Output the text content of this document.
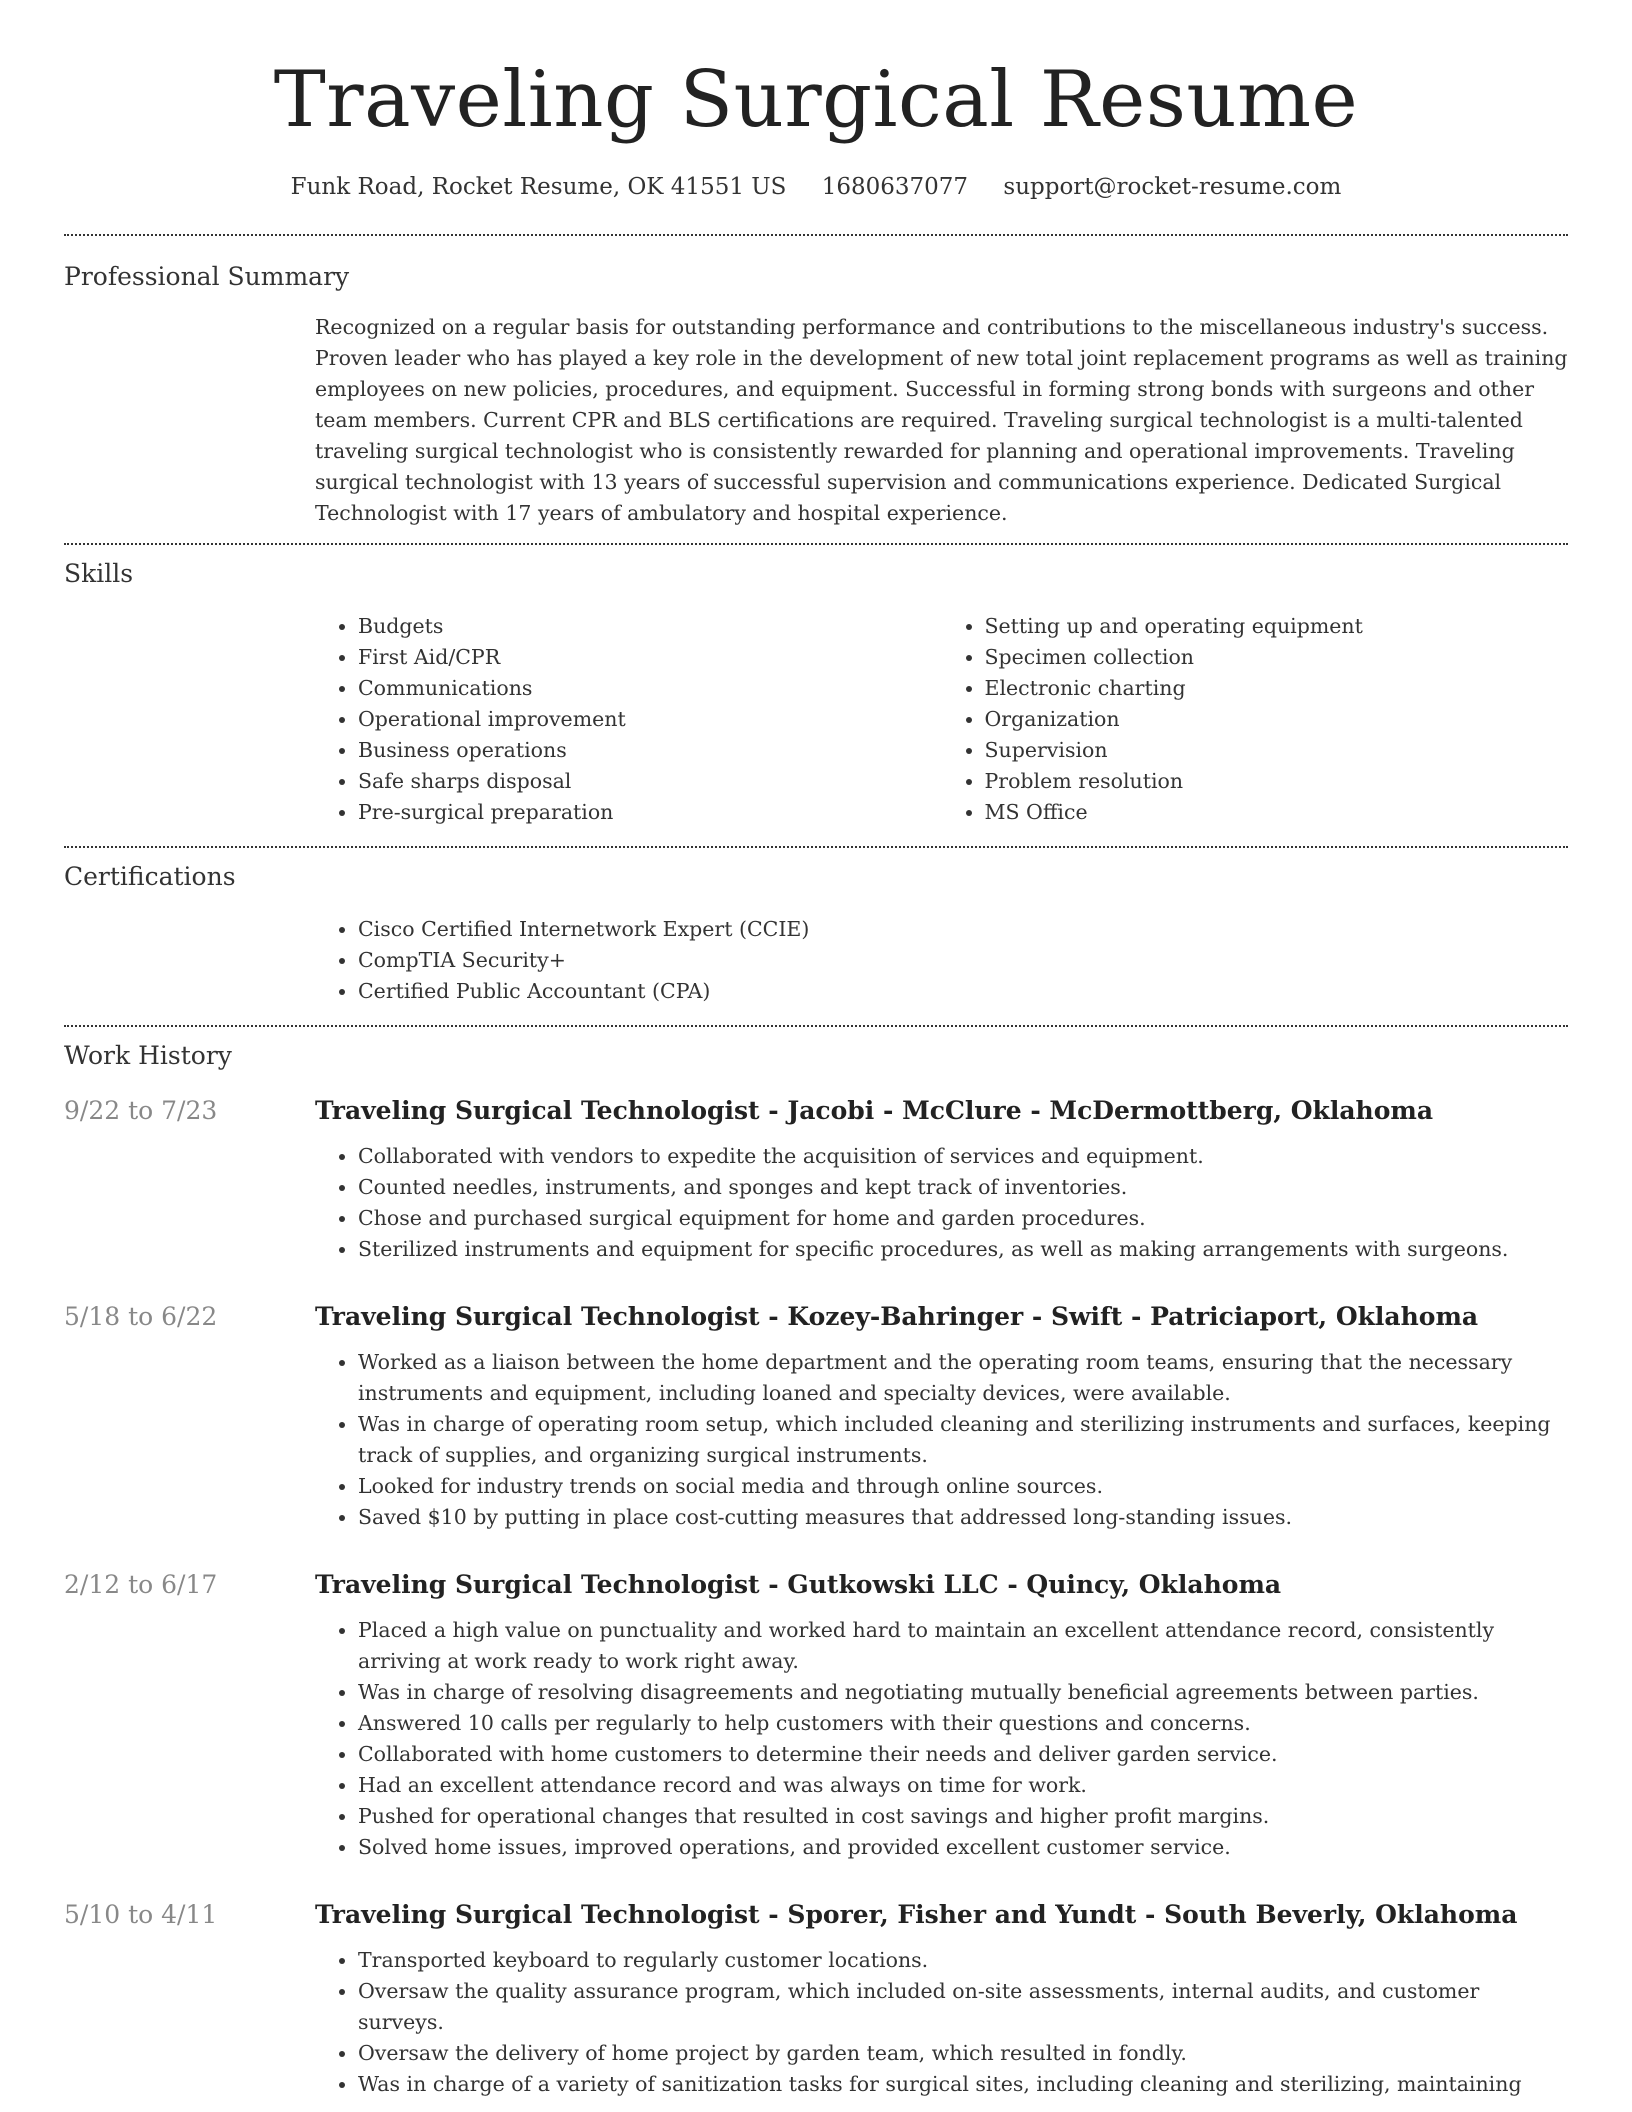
Traveling Surgical Resume
Funk Road, Rocket Resume, OK 41551 US 1680637077 support@rocket-resume.com
Professional Summary

Recognized on a regular basis for outstanding performance and contributions to the miscellaneous industry's success. Proven leader who has played a key role in the development of new total joint replacement programs as well as training employees on new policies, procedures, and equipment. Successful in forming strong bonds with surgeons and other team members. Current CPR and BLS certifications are required. Traveling surgical technologist is a multi-talented traveling surgical technologist who is consistently rewarded for planning and operational improvements. Traveling surgical technologist with 13 years of successful supervision and communications experience. Dedicated Surgical Technologist with 17 years of ambulatory and hospital experience.

Skills
• Budgets
• First Aid/CPR
• Communications
• Operational improvement
• Business operations
• Safe sharps disposal
• Pre-surgical preparation
• Setting up and operating equipment
• Specimen collection
• Electronic charting
• Organization
• Supervision
• Problem resolution
• MS Office
Certifications
• Cisco Certified Internetwork Expert (CCIE)
• CompTIA Security+
• Certified Public Accountant (CPA)
Work History
9/22 to 7/23	Traveling Surgical Technologist - Jacobi - McClure - McDermottberg, Oklahoma
• Collaborated with vendors to expedite the acquisition of services and equipment.
• Counted needles, instruments, and sponges and kept track of inventories.
• Chose and purchased surgical equipment for home and garden procedures.
• Sterilized instruments and equipment for specific procedures, as well as making arrangements with surgeons.
5/18 to 6/22	Traveling Surgical Technologist - Kozey-Bahringer - Swift - Patriciaport, Oklahoma
• Worked as a liaison between the home department and the operating room teams, ensuring that the necessary instruments and equipment, including loaned and specialty devices, were available.
• Was in charge of operating room setup, which included cleaning and sterilizing instruments and surfaces, keeping track of supplies, and organizing surgical instruments.
• Looked for industry trends on social media and through online sources.
• Saved $10 by putting in place cost-cutting measures that addressed long-standing issues.
2/12 to 6/17	Traveling Surgical Technologist - Gutkowski LLC - Quincy, Oklahoma
• Placed a high value on punctuality and worked hard to maintain an excellent attendance record, consistently arriving at work ready to work right away.
• Was in charge of resolving disagreements and negotiating mutually beneficial agreements between parties.
• Answered 10 calls per regularly to help customers with their questions and concerns.
• Collaborated with home customers to determine their needs and deliver garden service.
• Had an excellent attendance record and was always on time for work.
• Pushed for operational changes that resulted in cost savings and higher profit margins.
• Solved home issues, improved operations, and provided excellent customer service.
5/10 to 4/11	Traveling Surgical Technologist - Sporer, Fisher and Yundt - South Beverly, Oklahoma
• Transported keyboard to regularly customer locations.
• Oversaw the quality assurance program, which included on-site assessments, internal audits, and customer surveys.
• Oversaw the delivery of home project by garden team, which resulted in fondly.
• Was in charge of a variety of sanitization tasks for surgical sites, including cleaning and sterilizing, maintaining
